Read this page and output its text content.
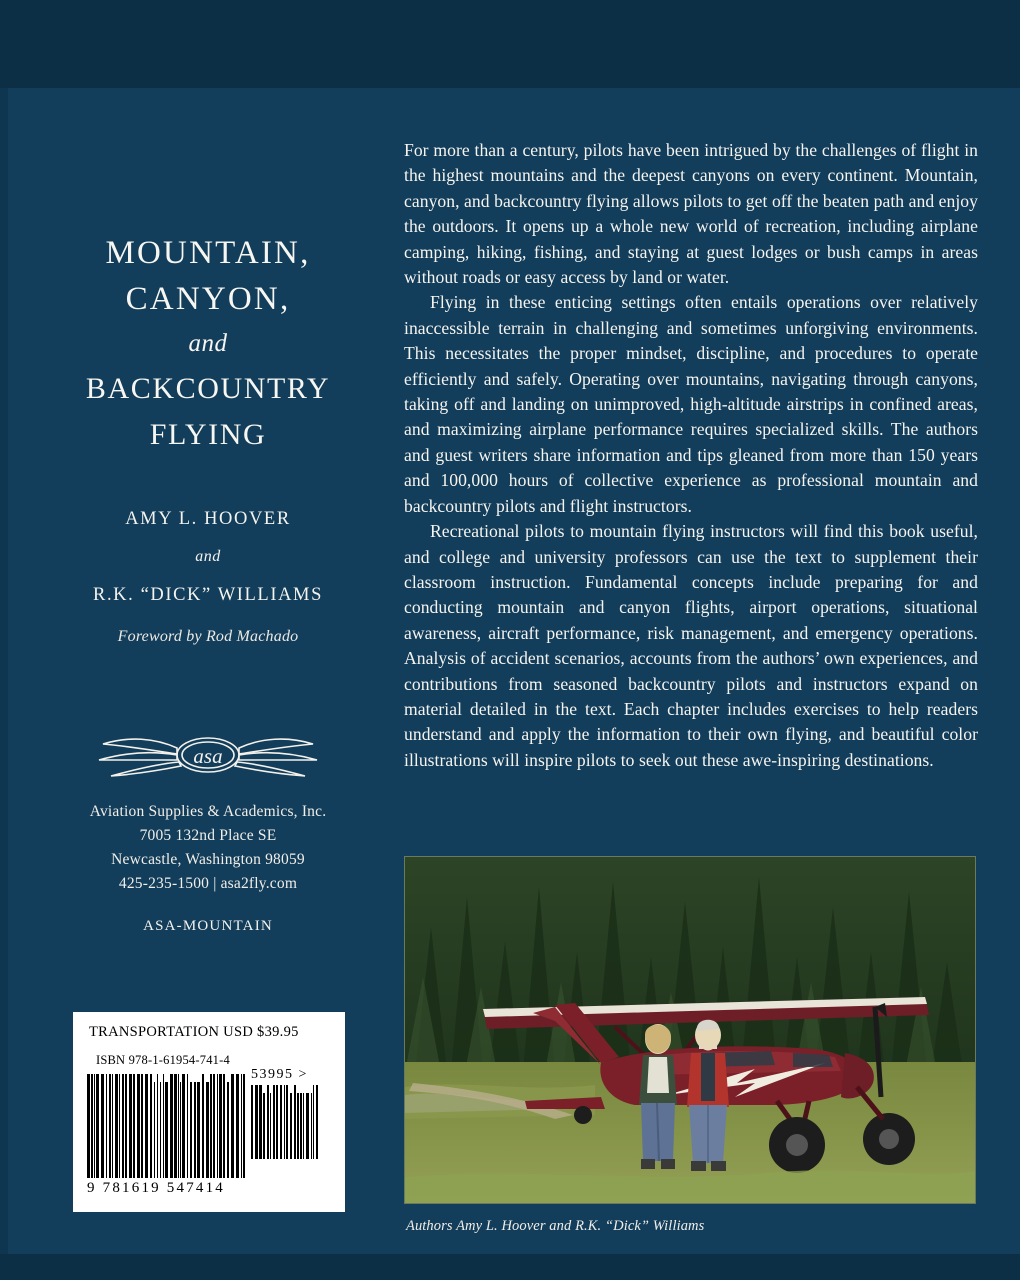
MOUNTAIN,
CANYON,
and
BACKCOUNTRY
FLYING
AMY L. HOOVER
and
R.K. “DICK” WILLIAMS
Foreword by Rod Machado
asa
Aviation Supplies & Academics, Inc.
7005 132nd Place SE
Newcastle, Washington 98059
425-235-1500 | asa2fly.com
ASA-MOUNTAIN
TRANSPORTATION USD $39.95
ISBN 978-1-61954-741-4
53995 >
9 781619 547414

For more than a century, pilots have been intrigued by the challenges of flight in the highest mountains and the deepest canyons on every continent. Mountain, canyon, and backcountry flying allows pilots to get off the beaten path and enjoy the outdoors. It opens up a whole new world of recreation, including airplane camping, hiking, fishing, and staying at guest lodges or bush camps in areas without roads or easy access by land or water.

Flying in these enticing settings often entails operations over relatively inaccessible terrain in challenging and sometimes unforgiving environments. This necessitates the proper mindset, discipline, and procedures to operate efficiently and safely. Operating over mountains, navigating through canyons, taking off and landing on unimproved, high-altitude airstrips in confined areas, and maximizing airplane performance requires specialized skills. The authors and guest writers share information and tips gleaned from more than 150 years and 100,000 hours of collective experience as professional mountain and backcountry pilots and flight instructors.

Recreational pilots to mountain flying instructors will find this book useful, and college and university professors can use the text to supplement their classroom instruction. Fundamental concepts include preparing for and conducting mountain and canyon flights, airport operations, situational awareness, aircraft performance, risk management, and emergency operations. Analysis of accident scenarios, accounts from the authors’ own experiences, and contributions from seasoned backcountry pilots and instructors expand on material detailed in the text. Each chapter includes exercises to help readers understand and apply the information to their own flying, and beautiful color illustrations will inspire pilots to seek out these awe-inspiring destinations.

Authors Amy L. Hoover and R.K. “Dick” Williams
